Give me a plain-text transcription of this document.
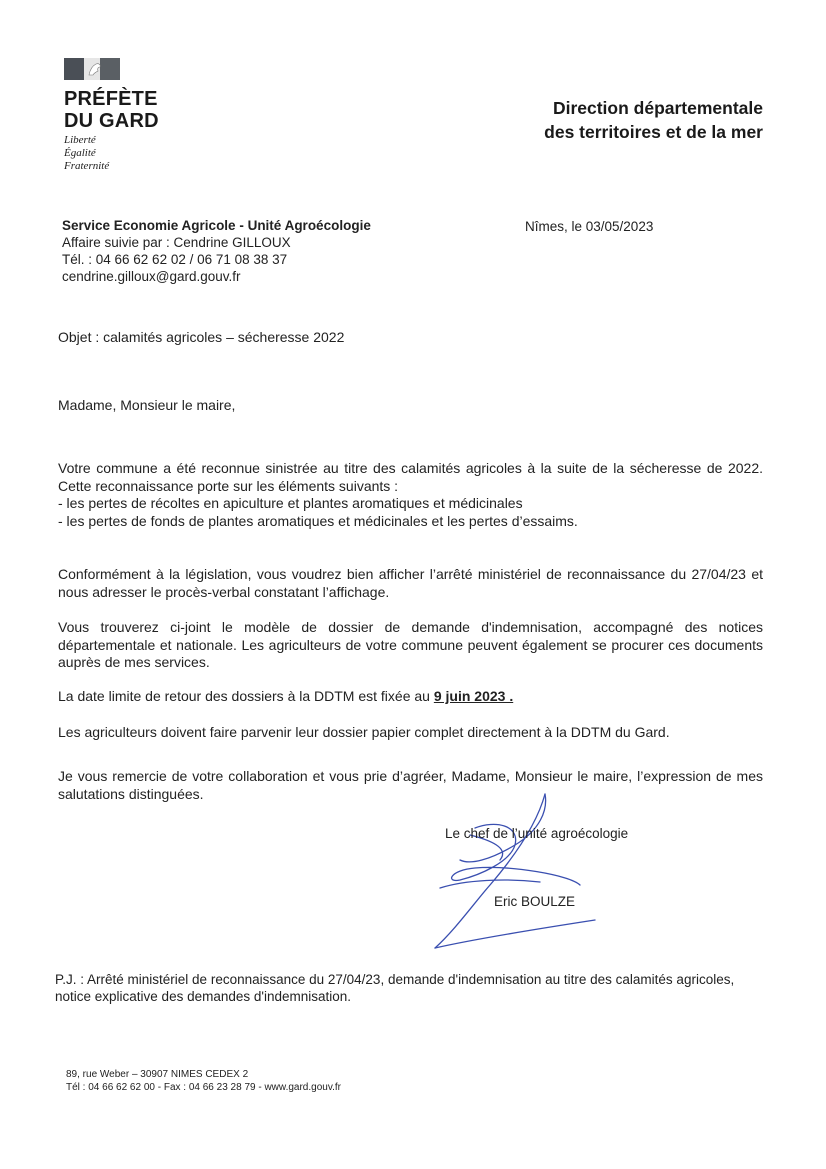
PRÉFÈTE
DU GARD
Liberté
Égalité
Fraternité
Direction départementale
des territoires et de la mer
Service Economie Agricole - Unité Agroécologie
Affaire suivie par : Cendrine GILLOUX
Tél. : 04 66 62 62 02 / 06 71 08 38 37
cendrine.gilloux@gard.gouv.fr
Nîmes, le 03/05/2023
Objet : calamités agricoles – sécheresse 2022
Madame, Monsieur le maire,
Votre commune a été reconnue sinistrée au titre des calamités agricoles à la suite de la sécheresse de 2022. Cette reconnaissance porte sur les éléments suivants :
- les pertes de récoltes en apiculture et plantes aromatiques et médicinales
- les pertes de fonds de plantes aromatiques et médicinales et les pertes d’essaims.
Conformément à la législation, vous voudrez bien afficher l’arrêté ministériel de reconnaissance du 27/04/23 et nous adresser le procès-verbal constatant l’affichage.
Vous trouverez ci-joint le modèle de dossier de demande d'indemnisation, accompagné des notices départementale et nationale. Les agriculteurs de votre commune peuvent également se procurer ces documents auprès de mes services.
La date limite de retour des dossiers à la DDTM est fixée au 9 juin 2023 .
Les agriculteurs doivent faire parvenir leur dossier papier complet directement à la DDTM du Gard.
Je vous remercie de votre collaboration et vous prie d’agréer, Madame, Monsieur le maire, l’expression de mes salutations distinguées.
Le chef de l’unité agroécologie
Eric BOULZE
P.J. : Arrêté ministériel de reconnaissance du 27/04/23, demande d'indemnisation au titre des calamités agricoles, notice explicative des demandes d'indemnisation.
89, rue Weber – 30907 NIMES CEDEX 2
Tél : 04 66 62 62 00 - Fax : 04 66 23 28 79 - www.gard.gouv.fr
